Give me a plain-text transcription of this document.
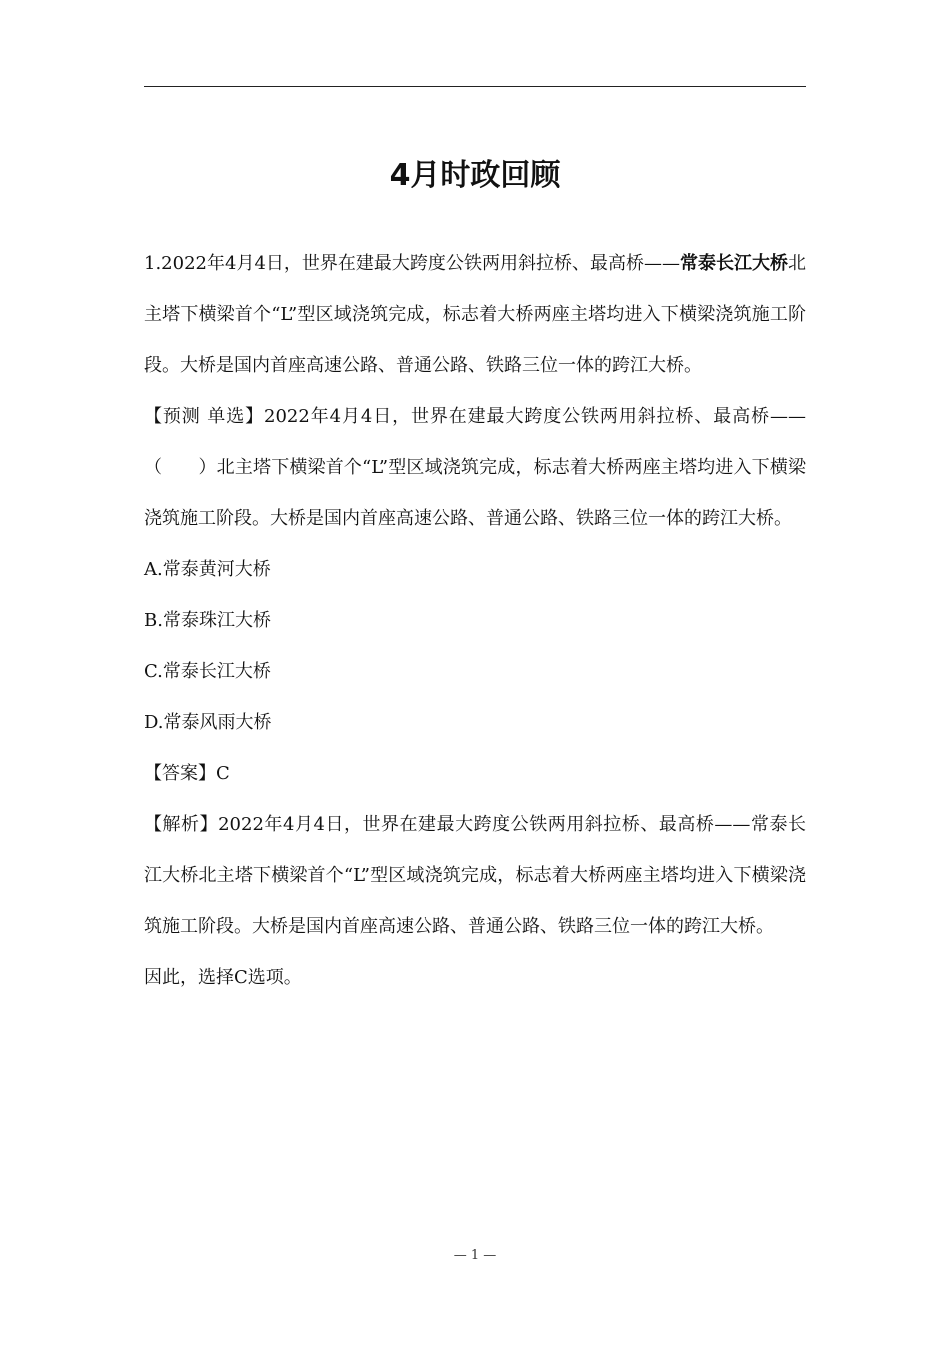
4月时政回顾

1.2022年4月4日，世界在建最大跨度公铁两用斜拉桥、最高桥——常泰长江大桥北主塔下横梁首个“L”型区域浇筑完成，标志着大桥两座主塔均进入下横梁浇筑施工阶段。大桥是国内首座高速公路、普通公路、铁路三位一体的跨江大桥。

【预测 单选】2022年4月4日，世界在建最大跨度公铁两用斜拉桥、最高桥——（　　）北主塔下横梁首个“L”型区域浇筑完成，标志着大桥两座主塔均进入下横梁浇筑施工阶段。大桥是国内首座高速公路、普通公路、铁路三位一体的跨江大桥。

A.常泰黄河大桥

B.常泰珠江大桥

C.常泰长江大桥

D.常泰风雨大桥

【答案】C

【解析】2022年4月4日，世界在建最大跨度公铁两用斜拉桥、最高桥——常泰长江大桥北主塔下横梁首个“L”型区域浇筑完成，标志着大桥两座主塔均进入下横梁浇筑施工阶段。大桥是国内首座高速公路、普通公路、铁路三位一体的跨江大桥。

因此，选择C选项。

— 1 —
